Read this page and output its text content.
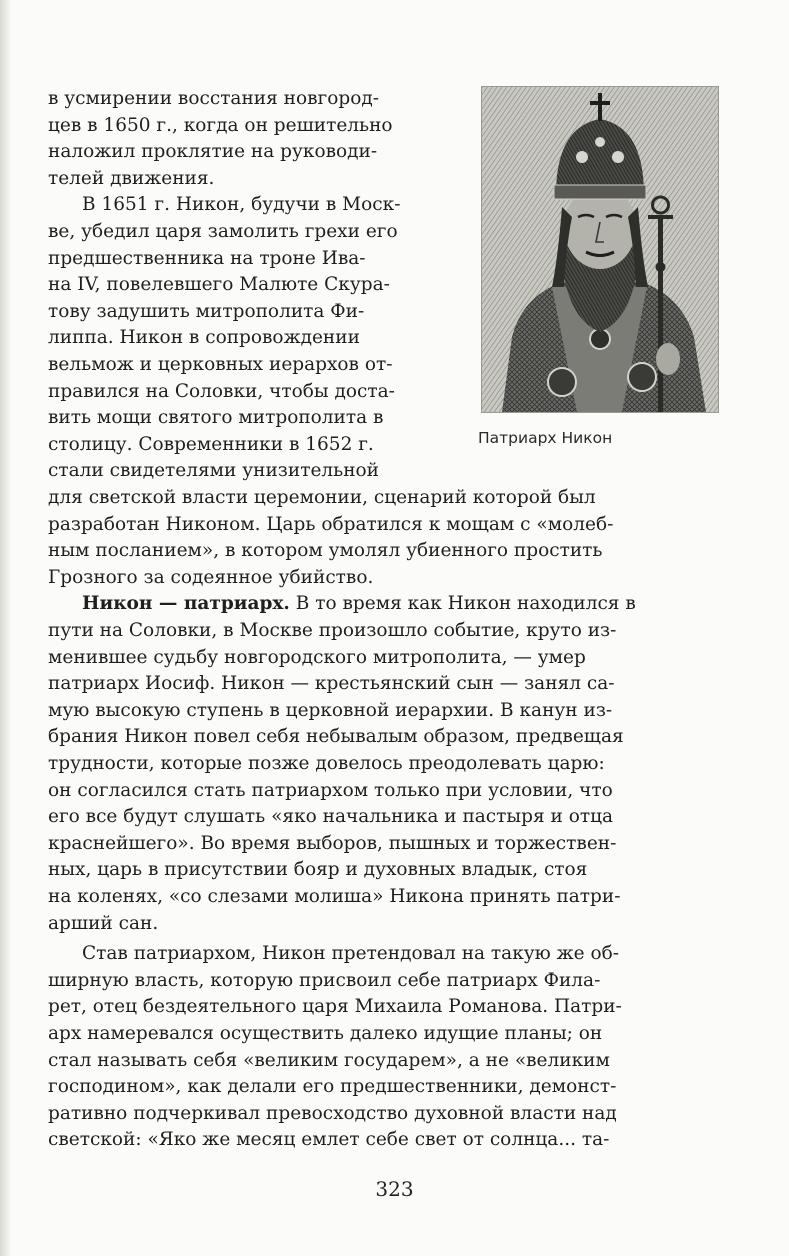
Патриарх Никон
в усмирении восстания новгород-
цев в 1650 г., когда он решительно
наложил проклятие на руководи-
телей движения.
В 1651 г. Никон, будучи в Моск-
ве, убедил царя замолить грехи его
предшественника на троне Ива-
на IV, повелевшего Малюте Скура-
тову задушить митрополита Фи-
липпа. Никон в сопровождении
вельмож и церковных иерархов от-
правился на Соловки, чтобы доста-
вить мощи святого митрополита в
столицу. Современники в 1652 г.
стали свидетелями унизительной
для светской власти церемонии, сценарий которой был
разработан Никоном. Царь обратился к мощам с «молеб-
ным посланием», в котором умолял убиенного простить
Грозного за содеянное убийство.
Никон — патриарх. В то время как Никон находился в
пути на Соловки, в Москве произошло событие, круто из-
менившее судьбу новгородского митрополита, — умер
патриарх Иосиф. Никон — крестьянский сын — занял са-
мую высокую ступень в церковной иерархии. В канун из-
брания Никон повел себя небывалым образом, предвещая
трудности, которые позже довелось преодолевать царю:
он согласился стать патриархом только при условии, что
его все будут слушать «яко начальника и пастыря и отца
краснейшего». Во время выборов, пышных и торжествен-
ных, царь в присутствии бояр и духовных владык, стоя
на коленях, «со слезами молиша» Никона принять патри-
арший сан.
Став патриархом, Никон претендовал на такую же об-
ширную власть, которую присвоил себе патриарх Фила-
рет, отец бездеятельного царя Михаила Романова. Патри-
арх намеревался осуществить далеко идущие планы; он
323
стал называть себя «великим государем», а не «великим
господином», как делали его предшественники, демонст-
ративно подчеркивал превосходство духовной власти над
светской: «Яко же месяц емлет себе свет от солнца... та-
